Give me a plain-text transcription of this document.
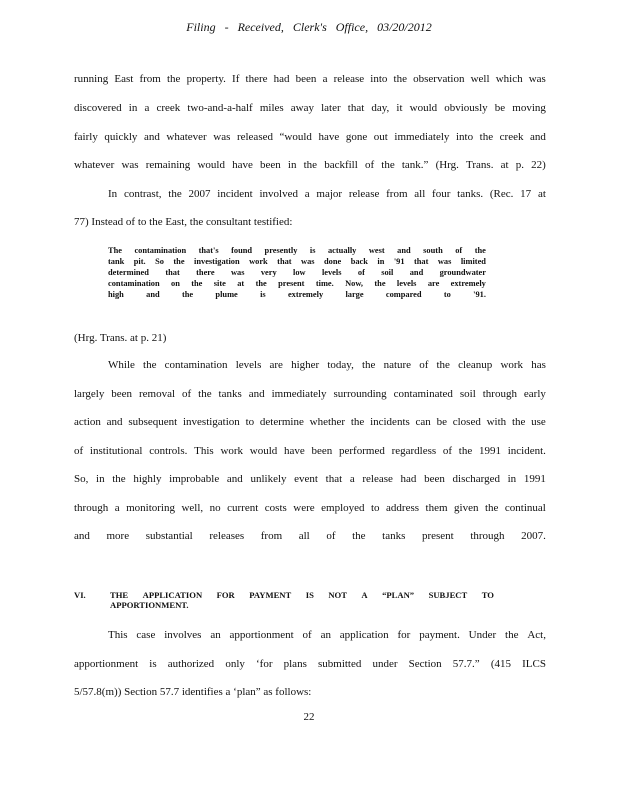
Filing - Received, Clerk's Office, 03/20/2012
running East from the property. If there had been a release into the observation well which was
discovered in a creek two-and-a-half miles away later that day, it would obviously be moving
fairly quickly and whatever was released “would have gone out immediately into the creek and
whatever was remaining would have been in the backfill of the tank.” (Hrg. Trans. at p. 22)
In contrast, the 2007 incident involved a major release from all four tanks. (Rec. 17 at
77) Instead of to the East, the consultant testified:
The contamination that's found presently is actually west and south of the
tank pit. So the investigation work that was done back in '91 that was limited
determined that there was very low levels of soil and groundwater
contamination on the site at the present time. Now, the levels are extremely
high	and	the	plume	is	extremely	large	compared	to	'91.
(Hrg. Trans. at p. 21)
While the contamination levels are higher today, the nature of the cleanup work has
largely been removal of the tanks and immediately surrounding contaminated soil through early
action and subsequent investigation to determine whether the incidents can be closed with the use
of institutional controls. This work would have been performed regardless of the 1991 incident.
So, in the highly improbable and unlikely event that a release had been discharged in 1991
through a monitoring well, no current costs were employed to address them given the continual
and more substantial releases from all of the tanks present through 2007.
VI.	THE APPLICATION FOR PAYMENT IS NOT A “PLAN” SUBJECT TO
APPORTIONMENT.
This case involves an apportionment of an application for payment. Under the Act,
apportionment is authorized only ‘for plans submitted under Section 57.7.” (415 ILCS
5/57.8(m)) Section 57.7 identifies a ‘plan” as follows:
22
